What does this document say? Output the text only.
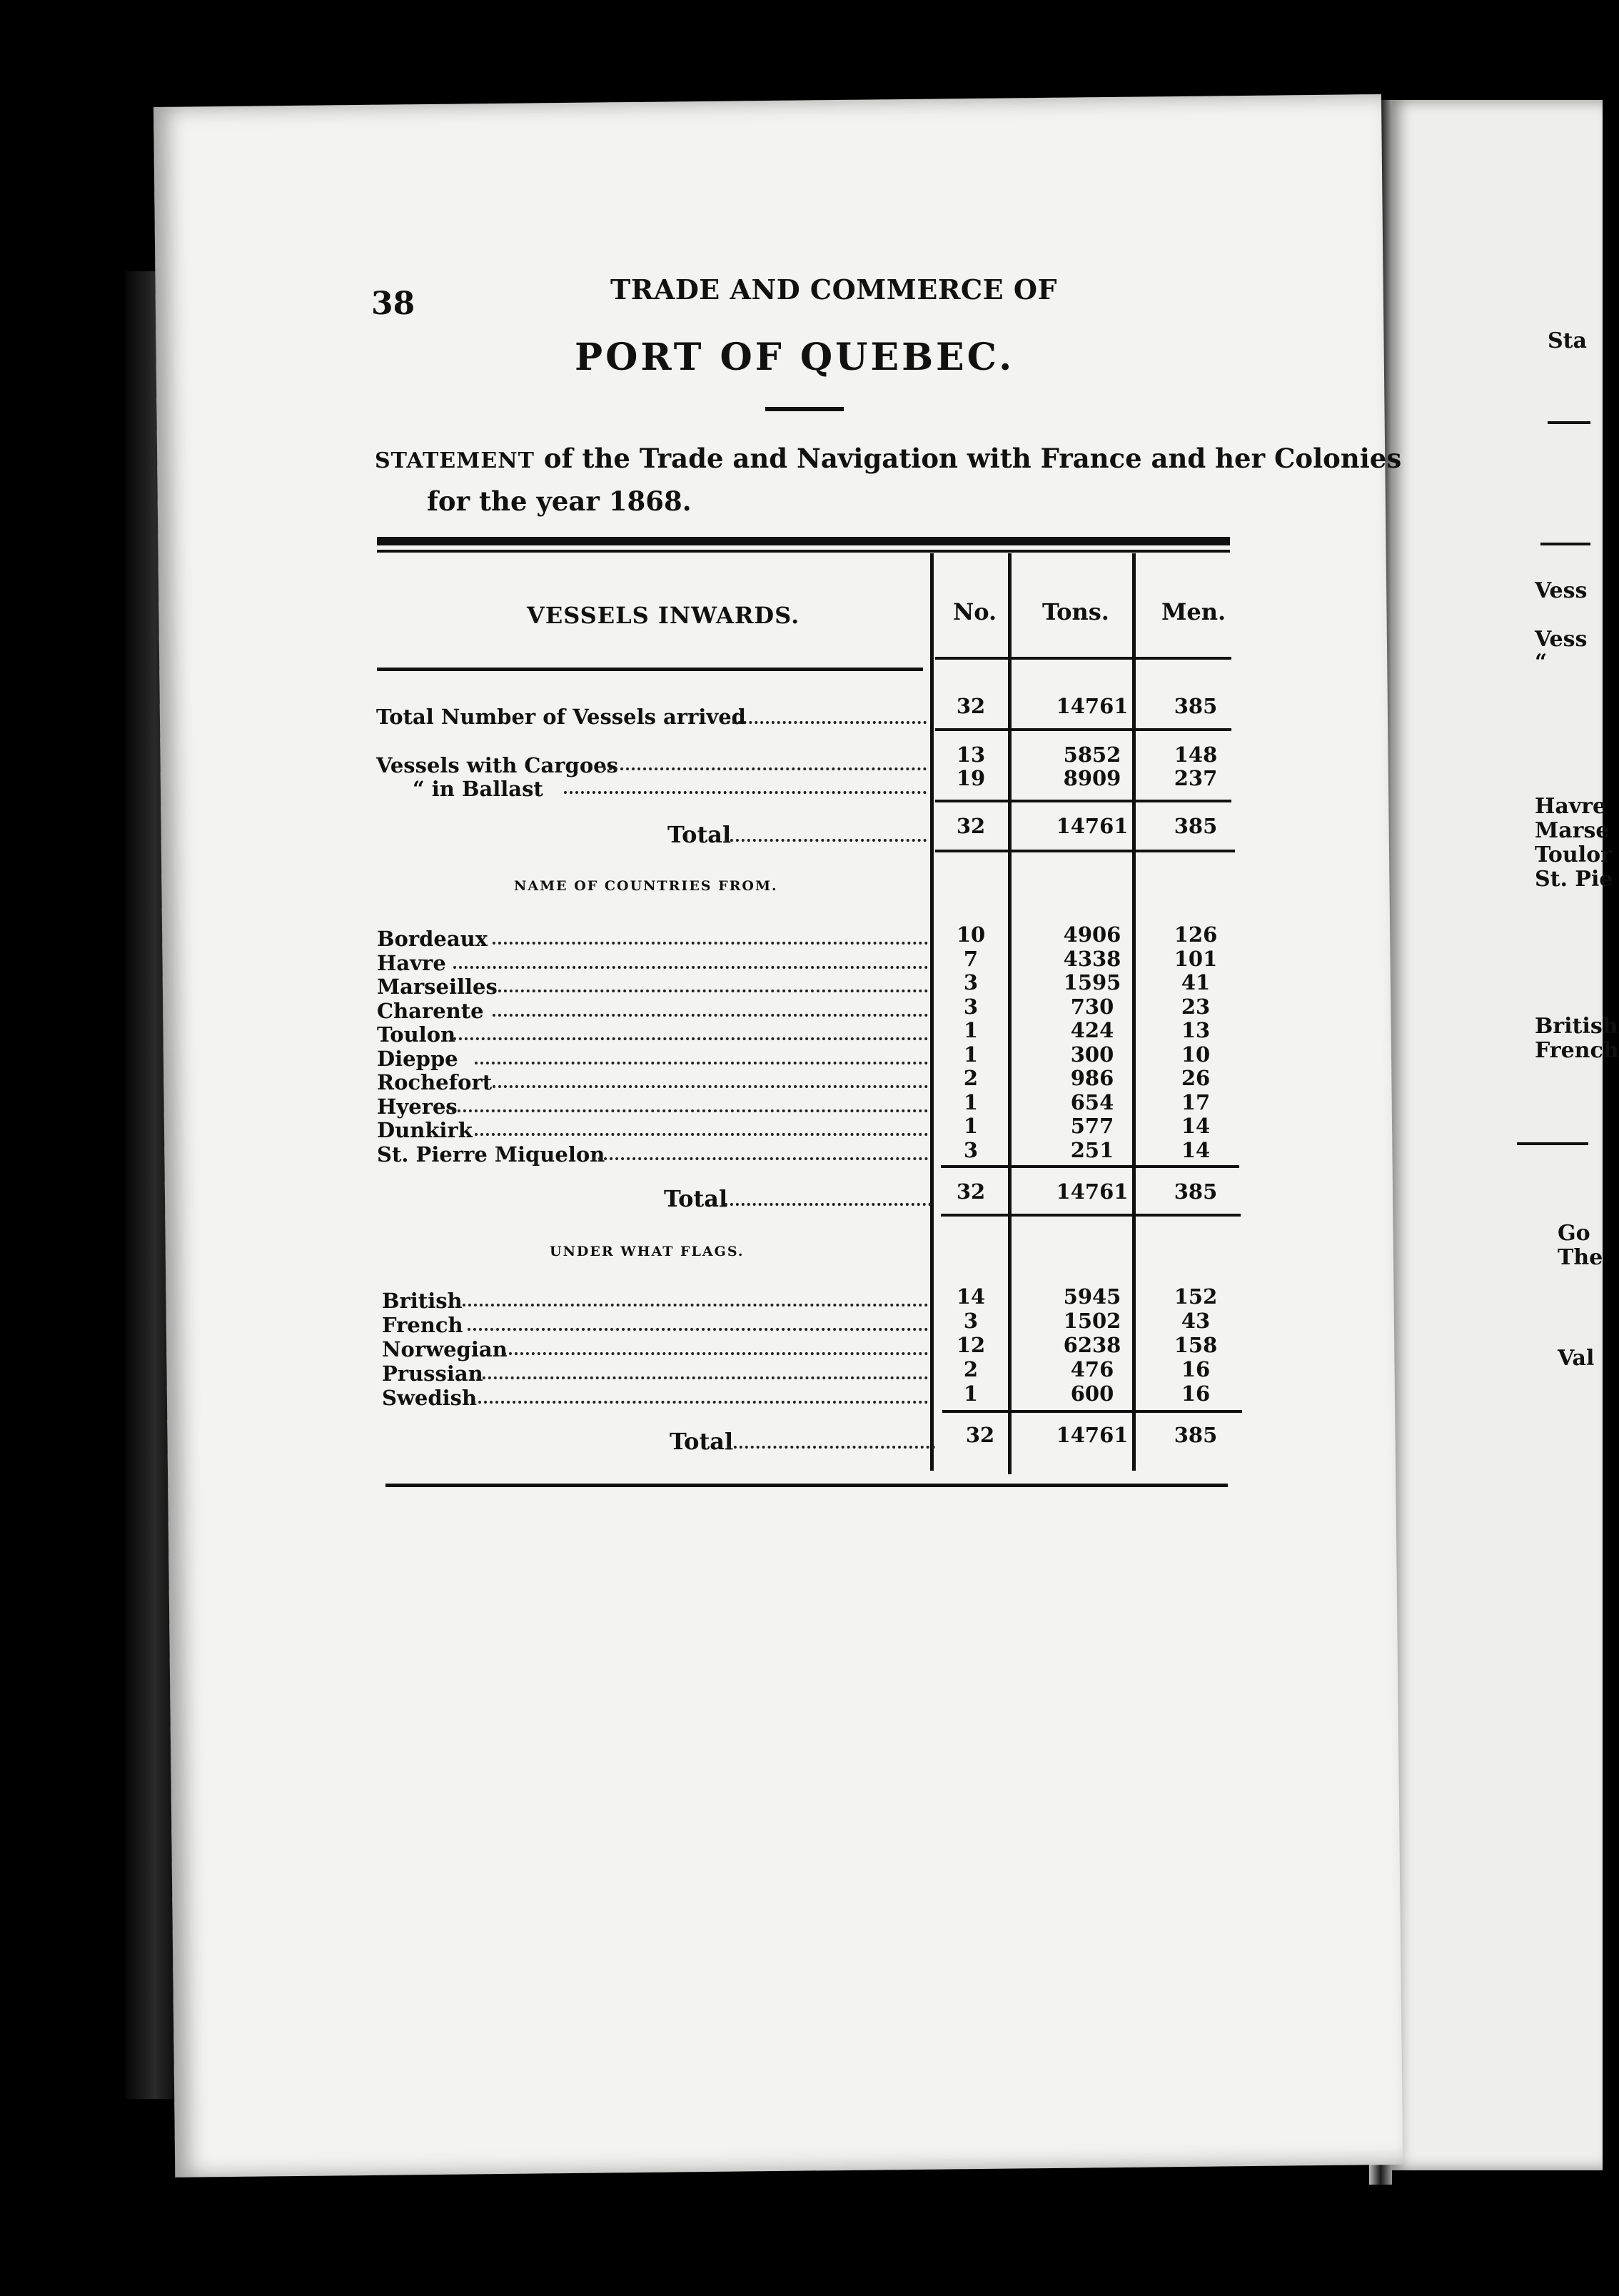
38	TRADE AND COMMERCE OF
PORT OF QUEBEC.
STATEMENT of the Trade and Navigation with France and her Colonies
for the year 1868.
VESSELS INWARDS.	No. Tons. Men.
Total Number of Vessels arrived	32	14761	385
Vessels with Cargoes	13	5852	148
“ in Ballast	19	8909	237
Total	32	14761	385
NAME OF COUNTRIES FROM.
Bordeaux	10	4906	126
Havre	7	4338	101
Marseilles	3	1595	41
Charente	3	730	23
Toulon	1	424	13
Dieppe	1	300	10
Rochefort	2	986	26
Hyeres	1	654	17
Dunkirk	1	577	14
St. Pierre Miquelon	3	251	14
Total	32	14761	385
UNDER WHAT FLAGS.
British	14	5945	152
French	3	1502	43
Norwegian	12	6238	158
Prussian	2	476	16
Swedish	1	600	16
Total	32	14761	385
Sta
Vess
Vess
“
Havre
Marse
Toulor
St. Pie
British
French
Go
The
Val
